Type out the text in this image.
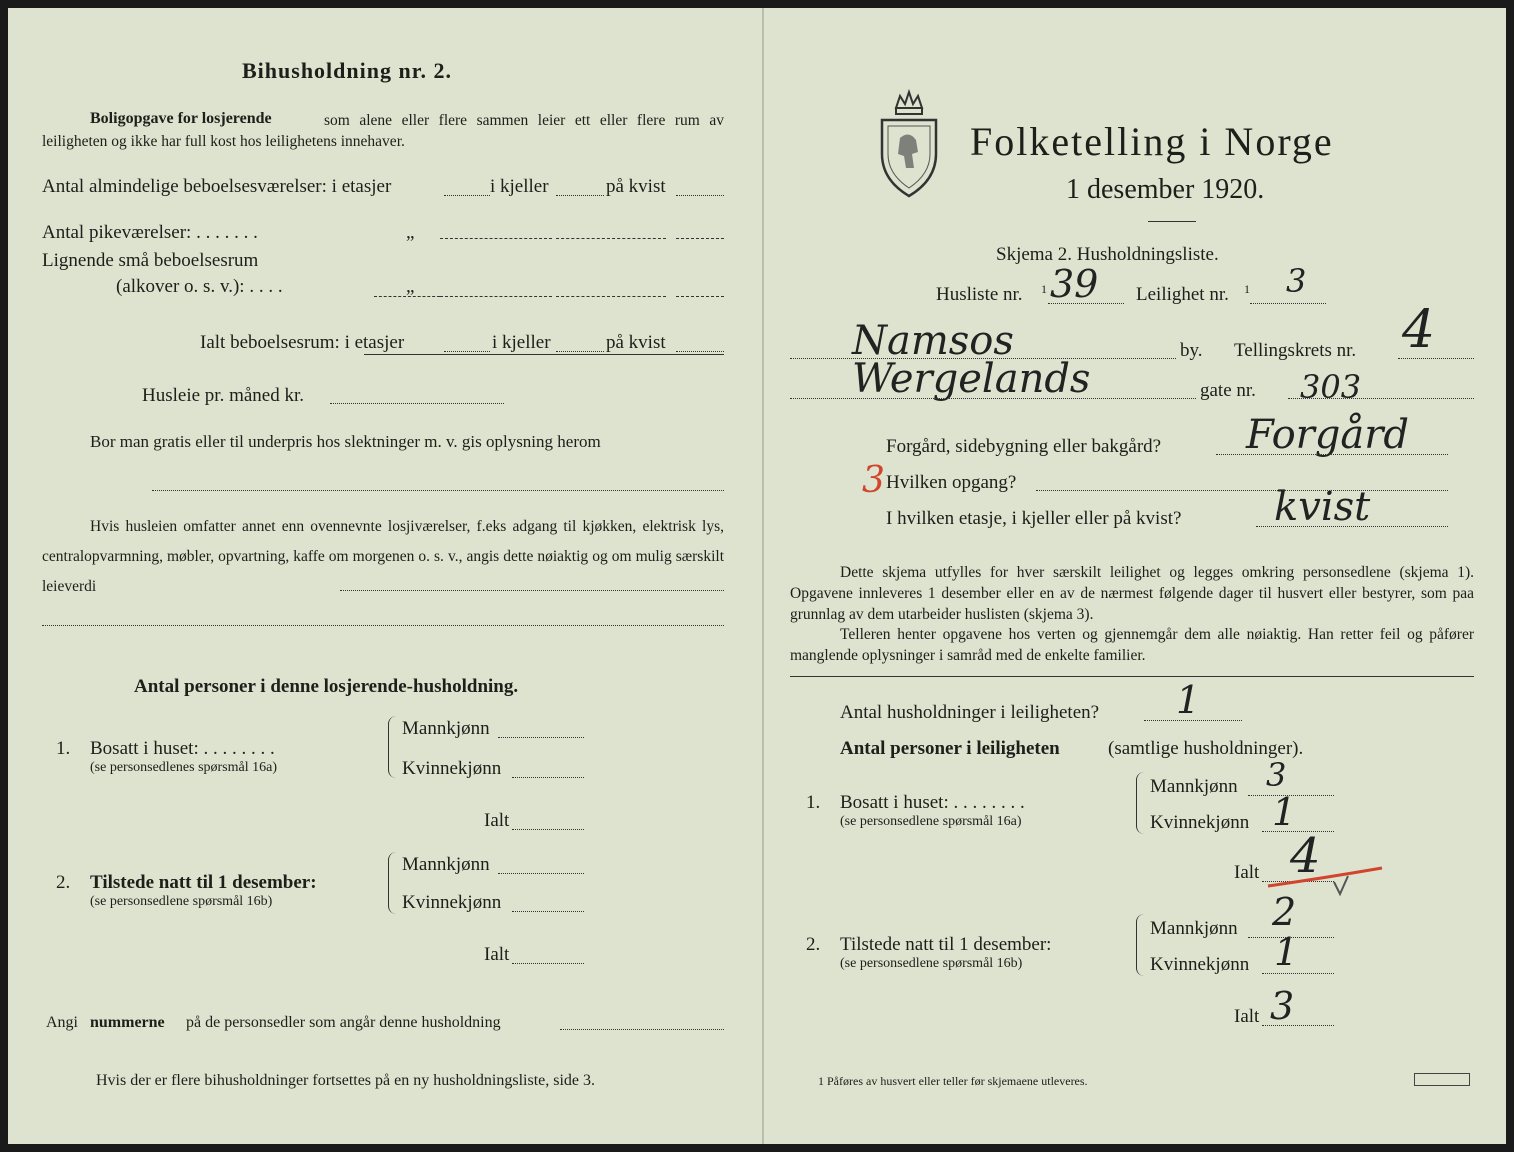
Bihusholdning nr. 2.
Boligopgave for losjerende	som alene eller flere sammen leier ett eller flere rum av leiligheten og ikke har full kost hos leilighetens innehaver.
Antal almindelige beboelsesværelser: i etasjer	i kjeller	på kvist
Antal pikeværelser: . . . . . . .	„
Lignende små beboelsesrum
(alkover o. s. v.): . . . .	„
Ialt beboelsesrum: i etasjer	i kjeller	på kvist
Husleie pr. måned kr.
Bor man gratis eller til underpris hos slektninger m. v. gis oplysning herom
Hvis husleien omfatter annet enn ovennevnte losjiværelser, f.eks adgang til kjøkken, elektrisk lys, centralopvarmning, møbler, opvartning, kaffe om morgenen o. s. v., angis dette nøiaktig og om mulig særskilt leieverdi
Antal personer i denne losjerende-husholdning.
1. Bosatt i huset: . . . . . . . .
(se personsedlenes spørsmål 16a)
Mannkjønn
Kvinnekjønn
Ialt
2. Tilstede natt til 1 desember:
(se personsedlene spørsmål 16b)
Mannkjønn
Kvinnekjønn
Ialt
Angi nummerne på de personsedler som angår denne husholdning
Hvis der er flere bihusholdninger fortsettes på en ny husholdningsliste, side 3.
Folketelling i Norge
1 desember 1920.
Skjema 2. Husholdningsliste.
Husliste nr. 1 39 Leilighet nr. 1 3
Namsos	by. Tellingskrets nr. 4
Wergelands	gate nr. 303
Forgård, sidebygning eller bakgård? Forgård
3 Hvilken opgang?
I hvilken etasje, i kjeller eller på kvist? kvist
Dette skjema utfylles for hver særskilt leilighet og legges omkring personsedlene (skjema 1). Opgavene innleveres 1 desember eller en av de nærmest følgende dager til husvert eller bestyrer, som paa grunnlag av dem utarbeider huslisten (skjema 3).
Telleren henter opgavene hos verten og gjennemgår dem alle nøiaktig. Han retter feil og påfører manglende oplysninger i samråd med de enkelte familier.
Antal husholdninger i leiligheten? 1
Antal personer i leiligheten	(samtlige husholdninger).
1. Bosatt i huset: . . . . . . . .
(se personsedlene spørsmål 16a)
Mannkjønn 3
Kvinnekjønn 1
Ialt 4
2. Tilstede natt til 1 desember:
(se personsedlene spørsmål 16b)
Mannkjønn 2
Kvinnekjønn 1
Ialt 3
1 Påføres av husvert eller teller før skjemaene utleveres.
